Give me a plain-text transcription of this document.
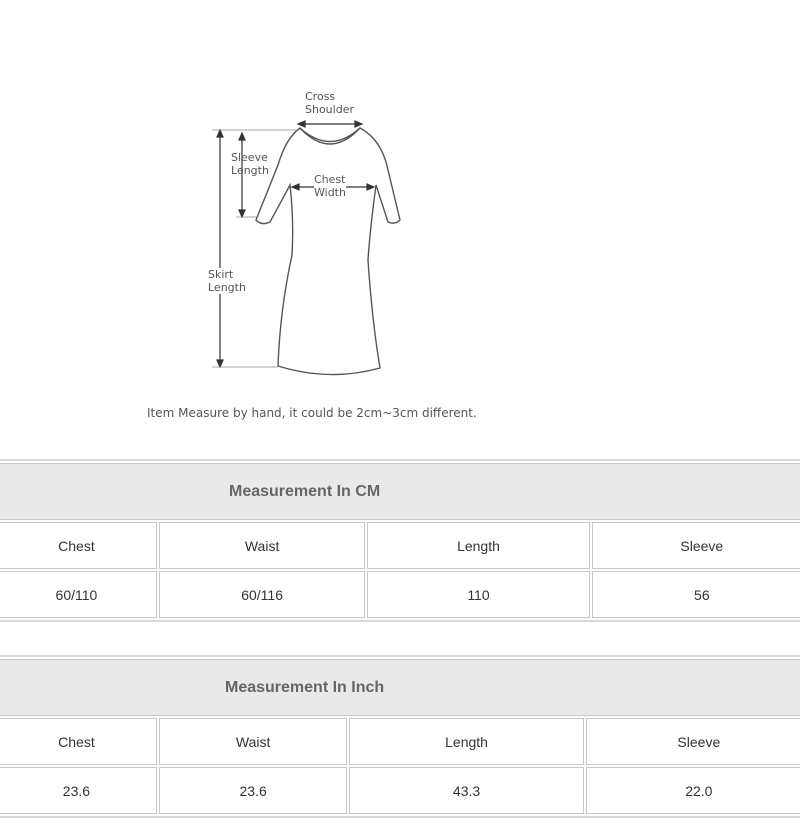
Cross
Shoulder
Sleeve
Length
Chest
Width
Skirt
Length
Item Measure by hand, it could be 2cm~3cm different.
Measurement In CM			
Chest	Waist	Length	Sleeve
60/110	60/116	110	56
Measurement In Inch			
Chest	Waist	Length	Sleeve
23.6	23.6	43.3	22.0
